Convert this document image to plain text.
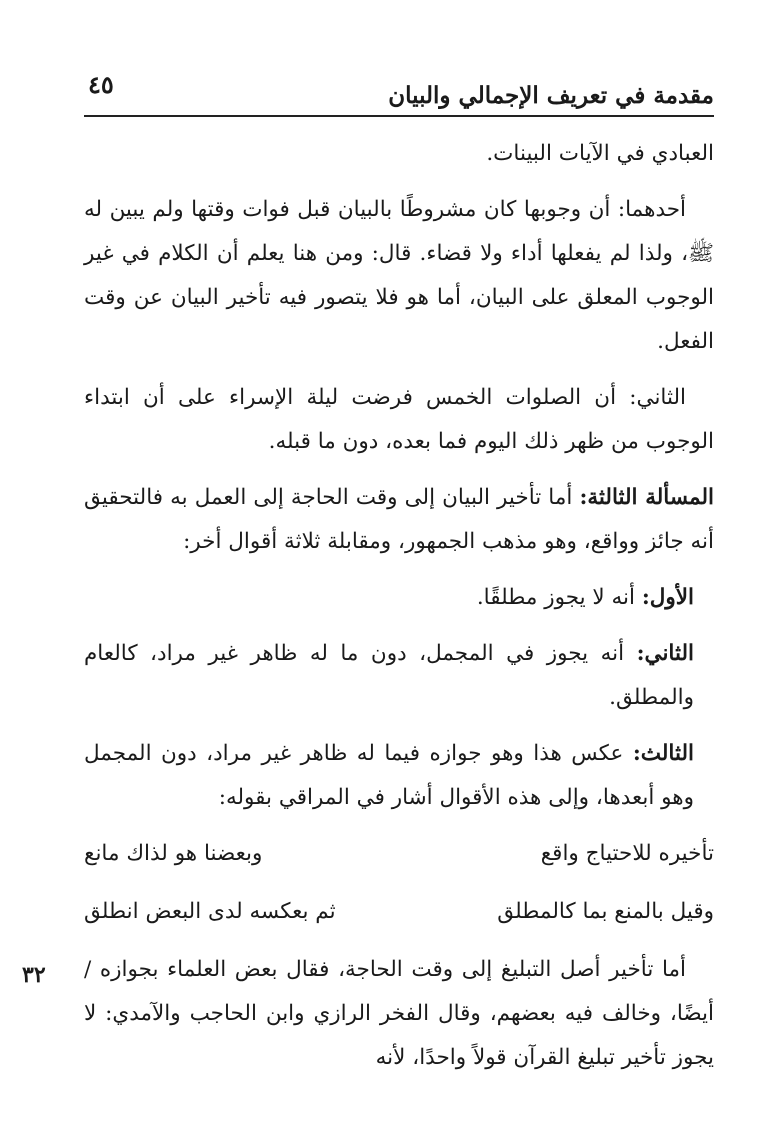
مقدمة في تعريف الإجمالي والبيان
٤٥

العبادي في الآيات البينات.

أحدهما: أن وجوبها كان مشروطًا بالبيان قبل فوات وقتها ولم يبين له ﷺ، ولذا لم يفعلها أداء ولا قضاء. قال: ومن هنا يعلم أن الكلام في غير الوجوب المعلق على البيان، أما هو فلا يتصور فيه تأخير البيان عن وقت الفعل.

الثاني: أن الصلوات الخمس فرضت ليلة الإسراء على أن ابتداء الوجوب من ظهر ذلك اليوم فما بعده، دون ما قبله.

المسألة الثالثة: أما تأخير البيان إلى وقت الحاجة إلى العمل به فالتحقيق أنه جائز وواقع، وهو مذهب الجمهور، ومقابلة ثلاثة أقوال أخر:

الأول: أنه لا يجوز مطلقًا.

الثاني: أنه يجوز في المجمل، دون ما له ظاهر غير مراد، كالعام والمطلق.

الثالث: عكس هذا وهو جوازه فيما له ظاهر غير مراد، دون المجمل وهو أبعدها، وإلى هذه الأقوال أشار في المراقي بقوله:

تأخيره للاحتياج واقع
وبعضنا هو لذاك مانع
وقيل بالمنع بما كالمطلق
ثم بعكسه لدى البعض انطلق

أما تأخير أصل التبليغ إلى وقت الحاجة، فقال بعض العلماء بجوازه / أيضًا، وخالف فيه بعضهم، وقال الفخر الرازي وابن الحاجب والآمدي: لا يجوز تأخير تبليغ القرآن قولاً واحدًا، لأنه

٣٢
